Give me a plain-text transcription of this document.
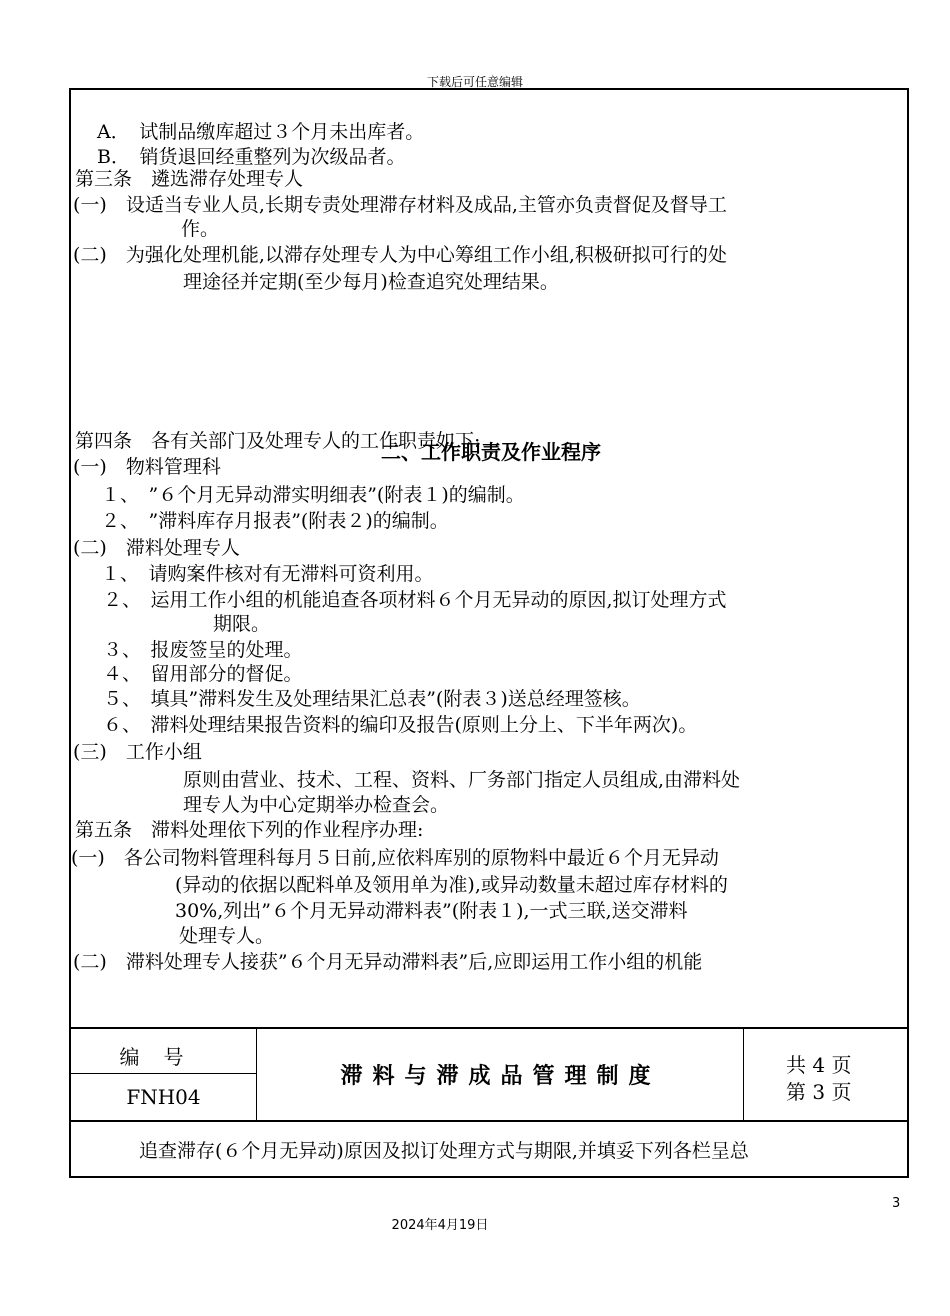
下载后可任意编辑
A．　试制品缴库超过３个月未出库者。
B．　销货退回经重整列为次级品者。
第三条　遴选滞存处理专人
(一)　设适当专业人员,长期专责处理滞存材料及成品,主管亦负责督促及督导工
作。
(二)　为强化处理机能,以滞存处理专人为中心筹组工作小组,积极研拟可行的处
理途径并定期(至少每月)检查追究处理结果。
二、工作职责及作业程序
第四条　各有关部门及处理专人的工作职责如下:
(一)　物料管理科
１、　”６个月无异动滞实明细表”(附表１)的编制。
２、　”滞料库存月报表”(附表２)的编制。
(二)　滞料处理专人
１、　请购案件核对有无滞料可资利用。
２、　运用工作小组的机能追查各项材料６个月无异动的原因,拟订处理方式
期限。
３、　报废签呈的处理。
４、　留用部分的督促。
５、　填具”滞料发生及处理结果汇总表”(附表３)送总经理签核。
６、　滞料处理结果报告资料的编印及报告(原则上分上、下半年两次)。
(三)　工作小组
原则由营业、技术、工程、资料、厂务部门指定人员组成,由滞料处
理专人为中心定期举办检查会。
第五条　滞料处理依下列的作业程序办理:
(一)　各公司物料管理科每月５日前,应依料库别的原物料中最近６个月无异动
(异动的依据以配料单及领用单为准),或异动数量未超过库存材料的
30%,列出”６个月无异动滞料表”(附表１),一式三联,送交滞料
处理专人。
(二)　滞料处理专人接获”６个月无异动滞料表”后,应即运用工作小组的机能
编号
FNH04
滞料与滞成品管理制度	共 4 页
第 3 页
追查滞存(６个月无异动)原因及拟订处理方式与期限,并填妥下列各栏呈总
3
2024年4月19日
